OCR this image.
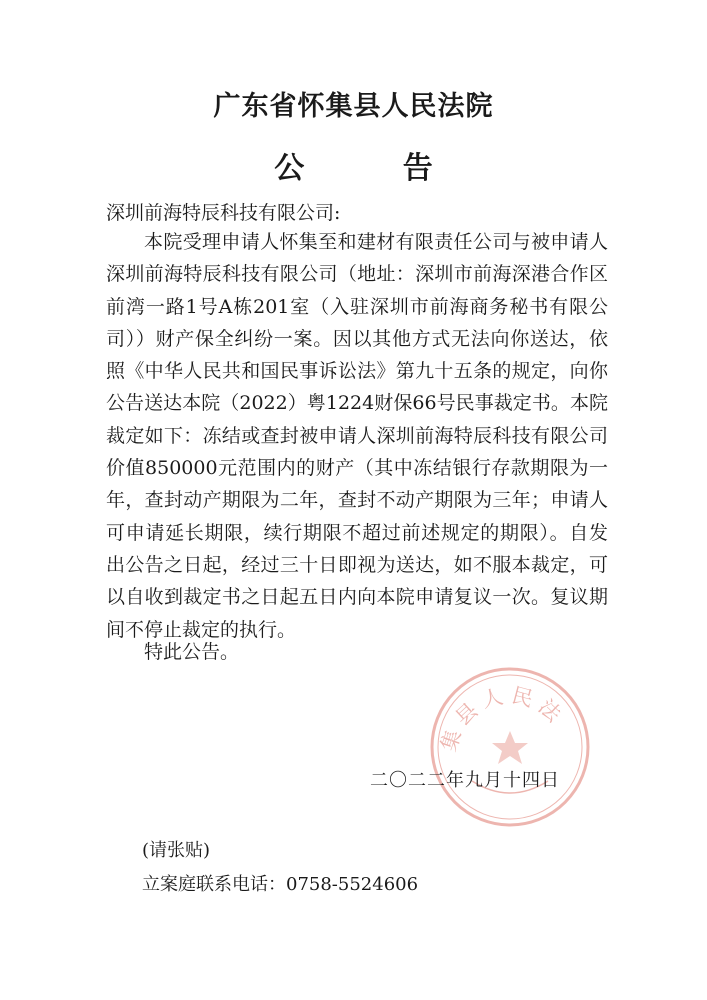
广东省怀集县人民法院
公 告
深圳前海特辰科技有限公司:

本院受理申请人怀集至和建材有限责任公司与被申请人深圳前海特辰科技有限公司（地址：深圳市前海深港合作区前湾一路1号A栋201室（入驻深圳市前海商务秘书有限公司））财产保全纠纷一案。因以其他方式无法向你送达，依照《中华人民共和国民事诉讼法》第九十五条的规定，向你公告送达本院（2022）粤1224财保66号民事裁定书。本院裁定如下：冻结或查封被申请人深圳前海特辰科技有限公司价值850000元范围内的财产（其中冻结银行存款期限为一年，查封动产期限为二年，查封不动产期限为三年；申请人可申请延长期限，续行期限不超过前述规定的期限）。自发出公告之日起，经过三十日即视为送达，如不服本裁定，可以自收到裁定书之日起五日内向本院申请复议一次。复议期间不停止裁定的执行。

特此公告。
集县人民法
二〇二二年九月十四日
(请张贴)
立案庭联系电话：0758-5524606
